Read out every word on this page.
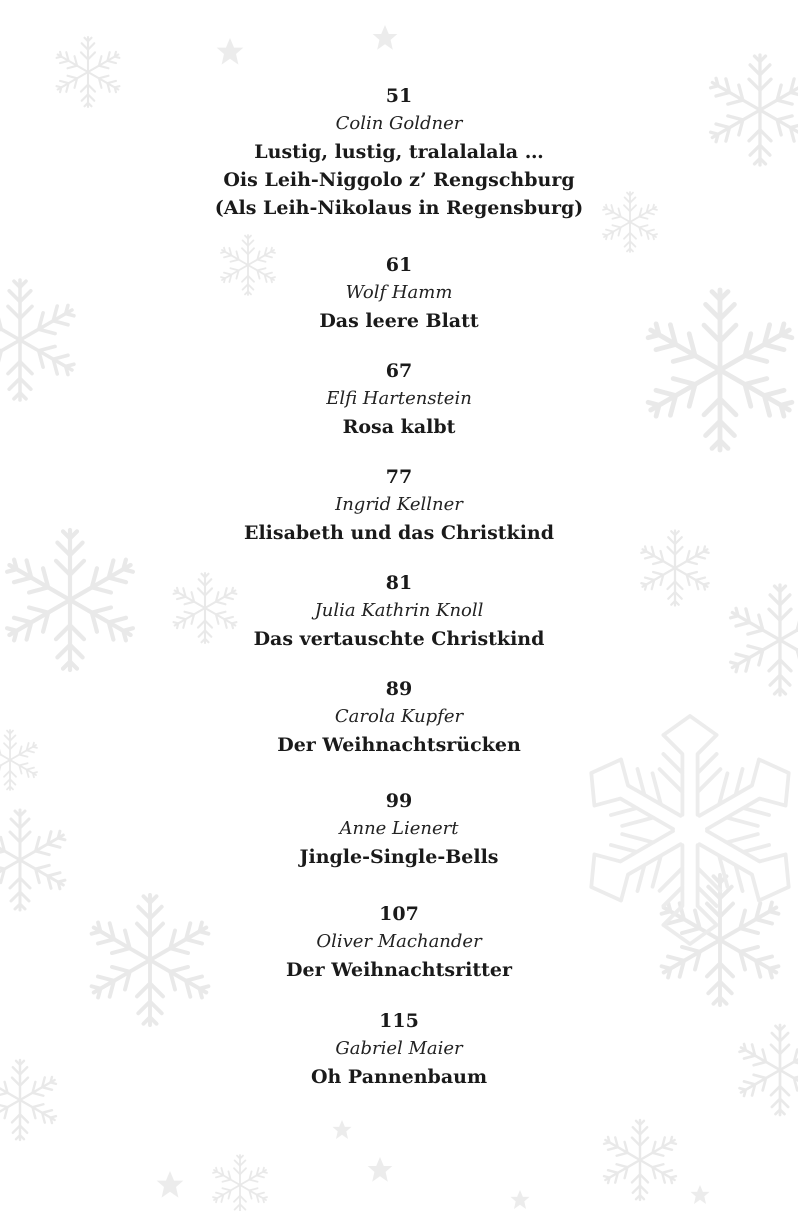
51
Colin Goldner
Lustig, lustig, tralalalala …
Ois Leih-Niggolo z’ Rengschburg
(Als Leih-Nikolaus in Regensburg)
61
Wolf Hamm
Das leere Blatt
67
Elfi Hartenstein
Rosa kalbt
77
Ingrid Kellner
Elisabeth und das Christkind
81
Julia Kathrin Knoll
Das vertauschte Christkind
89
Carola Kupfer
Der Weihnachtsrücken
99
Anne Lienert
Jingle-Single-Bells
107
Oliver Machander
Der Weihnachtsritter
115
Gabriel Maier
Oh Pannenbaum
